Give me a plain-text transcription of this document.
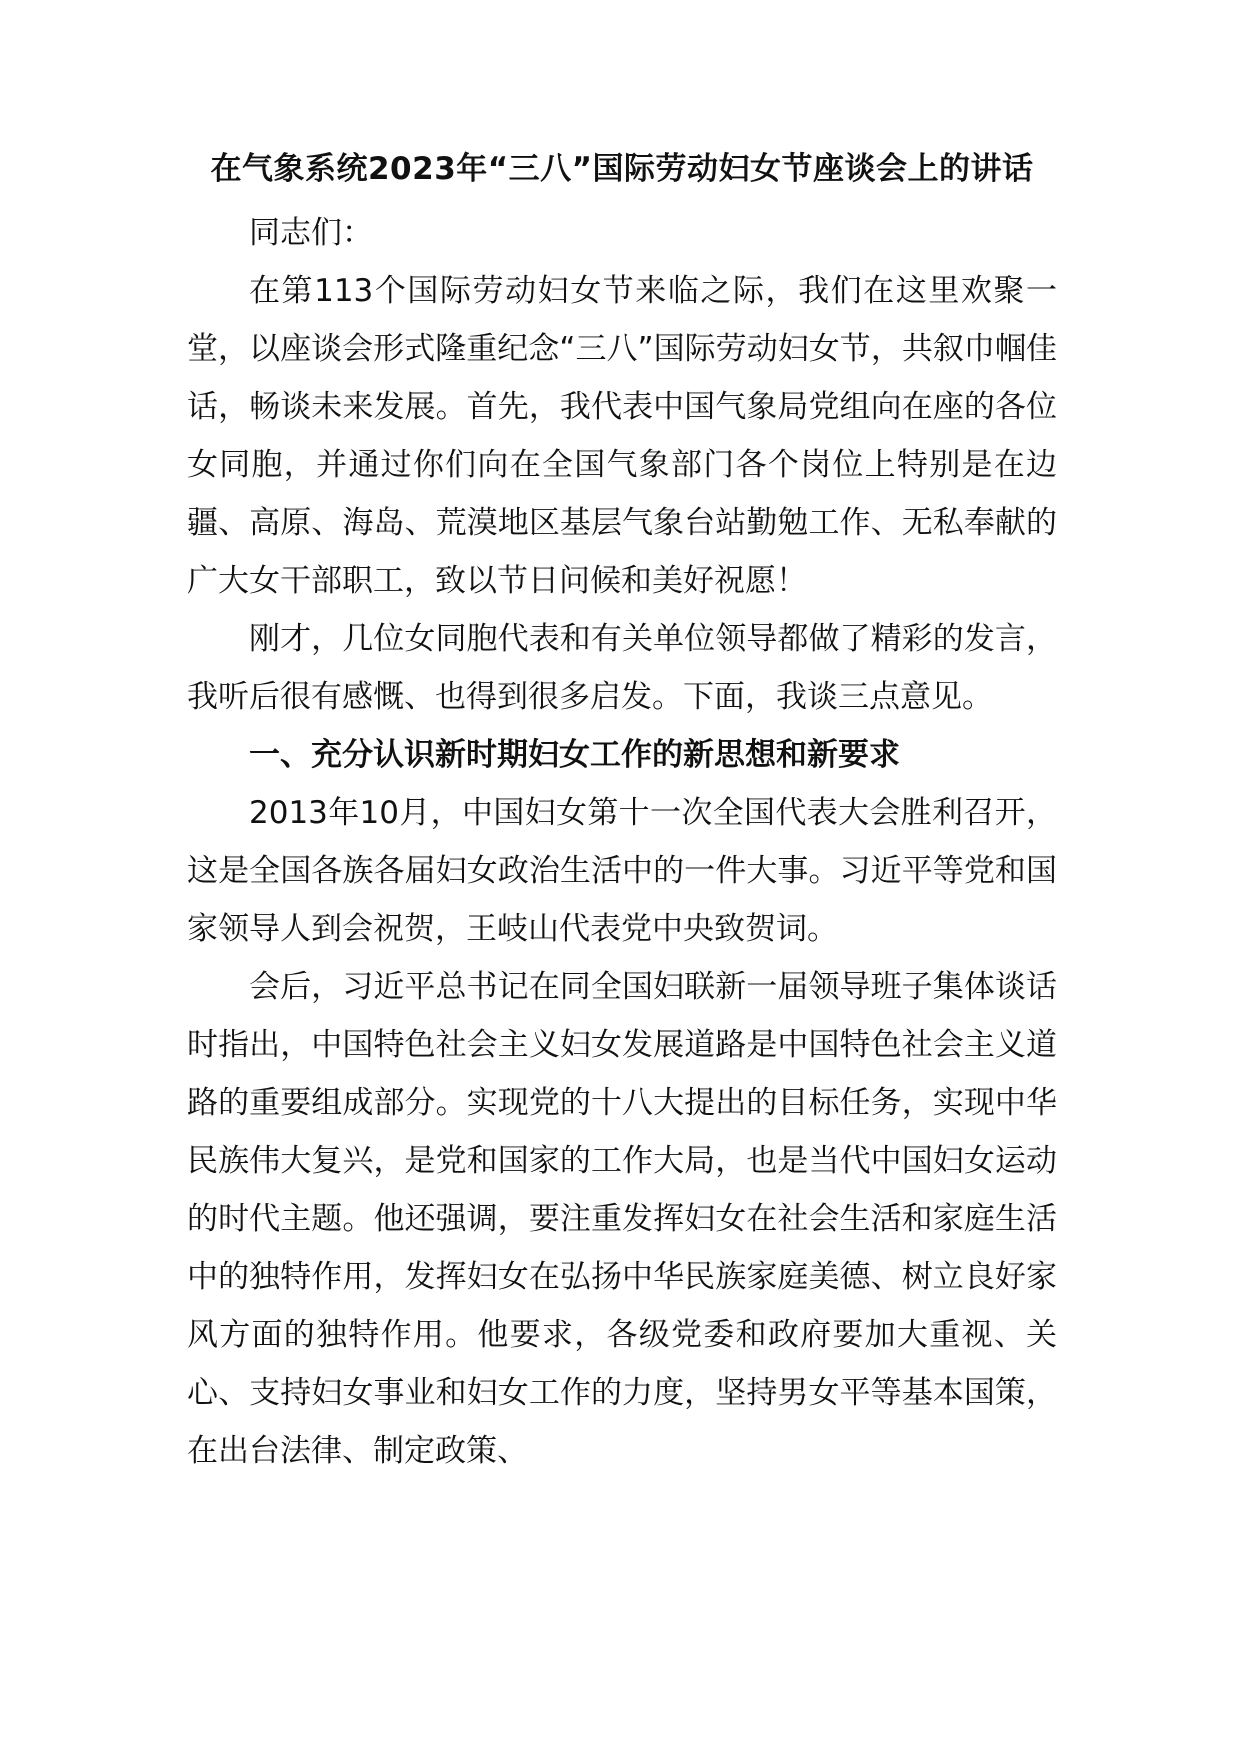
在气象系统2023年“三八”国际劳动妇女节座谈会上的讲话

同志们：

在第113个国际劳动妇女节来临之际，我们在这里欢聚一堂，以座谈会形式隆重纪念“三八”国际劳动妇女节，共叙巾帼佳话，畅谈未来发展。首先，我代表中国气象局党组向在座的各位女同胞，并通过你们向在全国气象部门各个岗位上特别是在边疆、高原、海岛、荒漠地区基层气象台站勤勉工作、无私奉献的广大女干部职工，致以节日问候和美好祝愿！

刚才，几位女同胞代表和有关单位领导都做了精彩的发言，我听后很有感慨、也得到很多启发。下面，我谈三点意见。

一、充分认识新时期妇女工作的新思想和新要求

2013年10月，中国妇女第十一次全国代表大会胜利召开，这是全国各族各届妇女政治生活中的一件大事。习近平等党和国家领导人到会祝贺，王岐山代表党中央致贺词。

会后，习近平总书记在同全国妇联新一届领导班子集体谈话时指出，中国特色社会主义妇女发展道路是中国特色社会主义道路的重要组成部分。实现党的十八大提出的目标任务，实现中华民族伟大复兴，是党和国家的工作大局，也是当代中国妇女运动的时代主题。他还强调，要注重发挥妇女在社会生活和家庭生活中的独特作用，发挥妇女在弘扬中华民族家庭美德、树立良好家风方面的独特作用。他要求，各级党委和政府要加大重视、关心、支持妇女事业和妇女工作的力度，坚持男女平等基本国策，在出台法律、制定政策、
